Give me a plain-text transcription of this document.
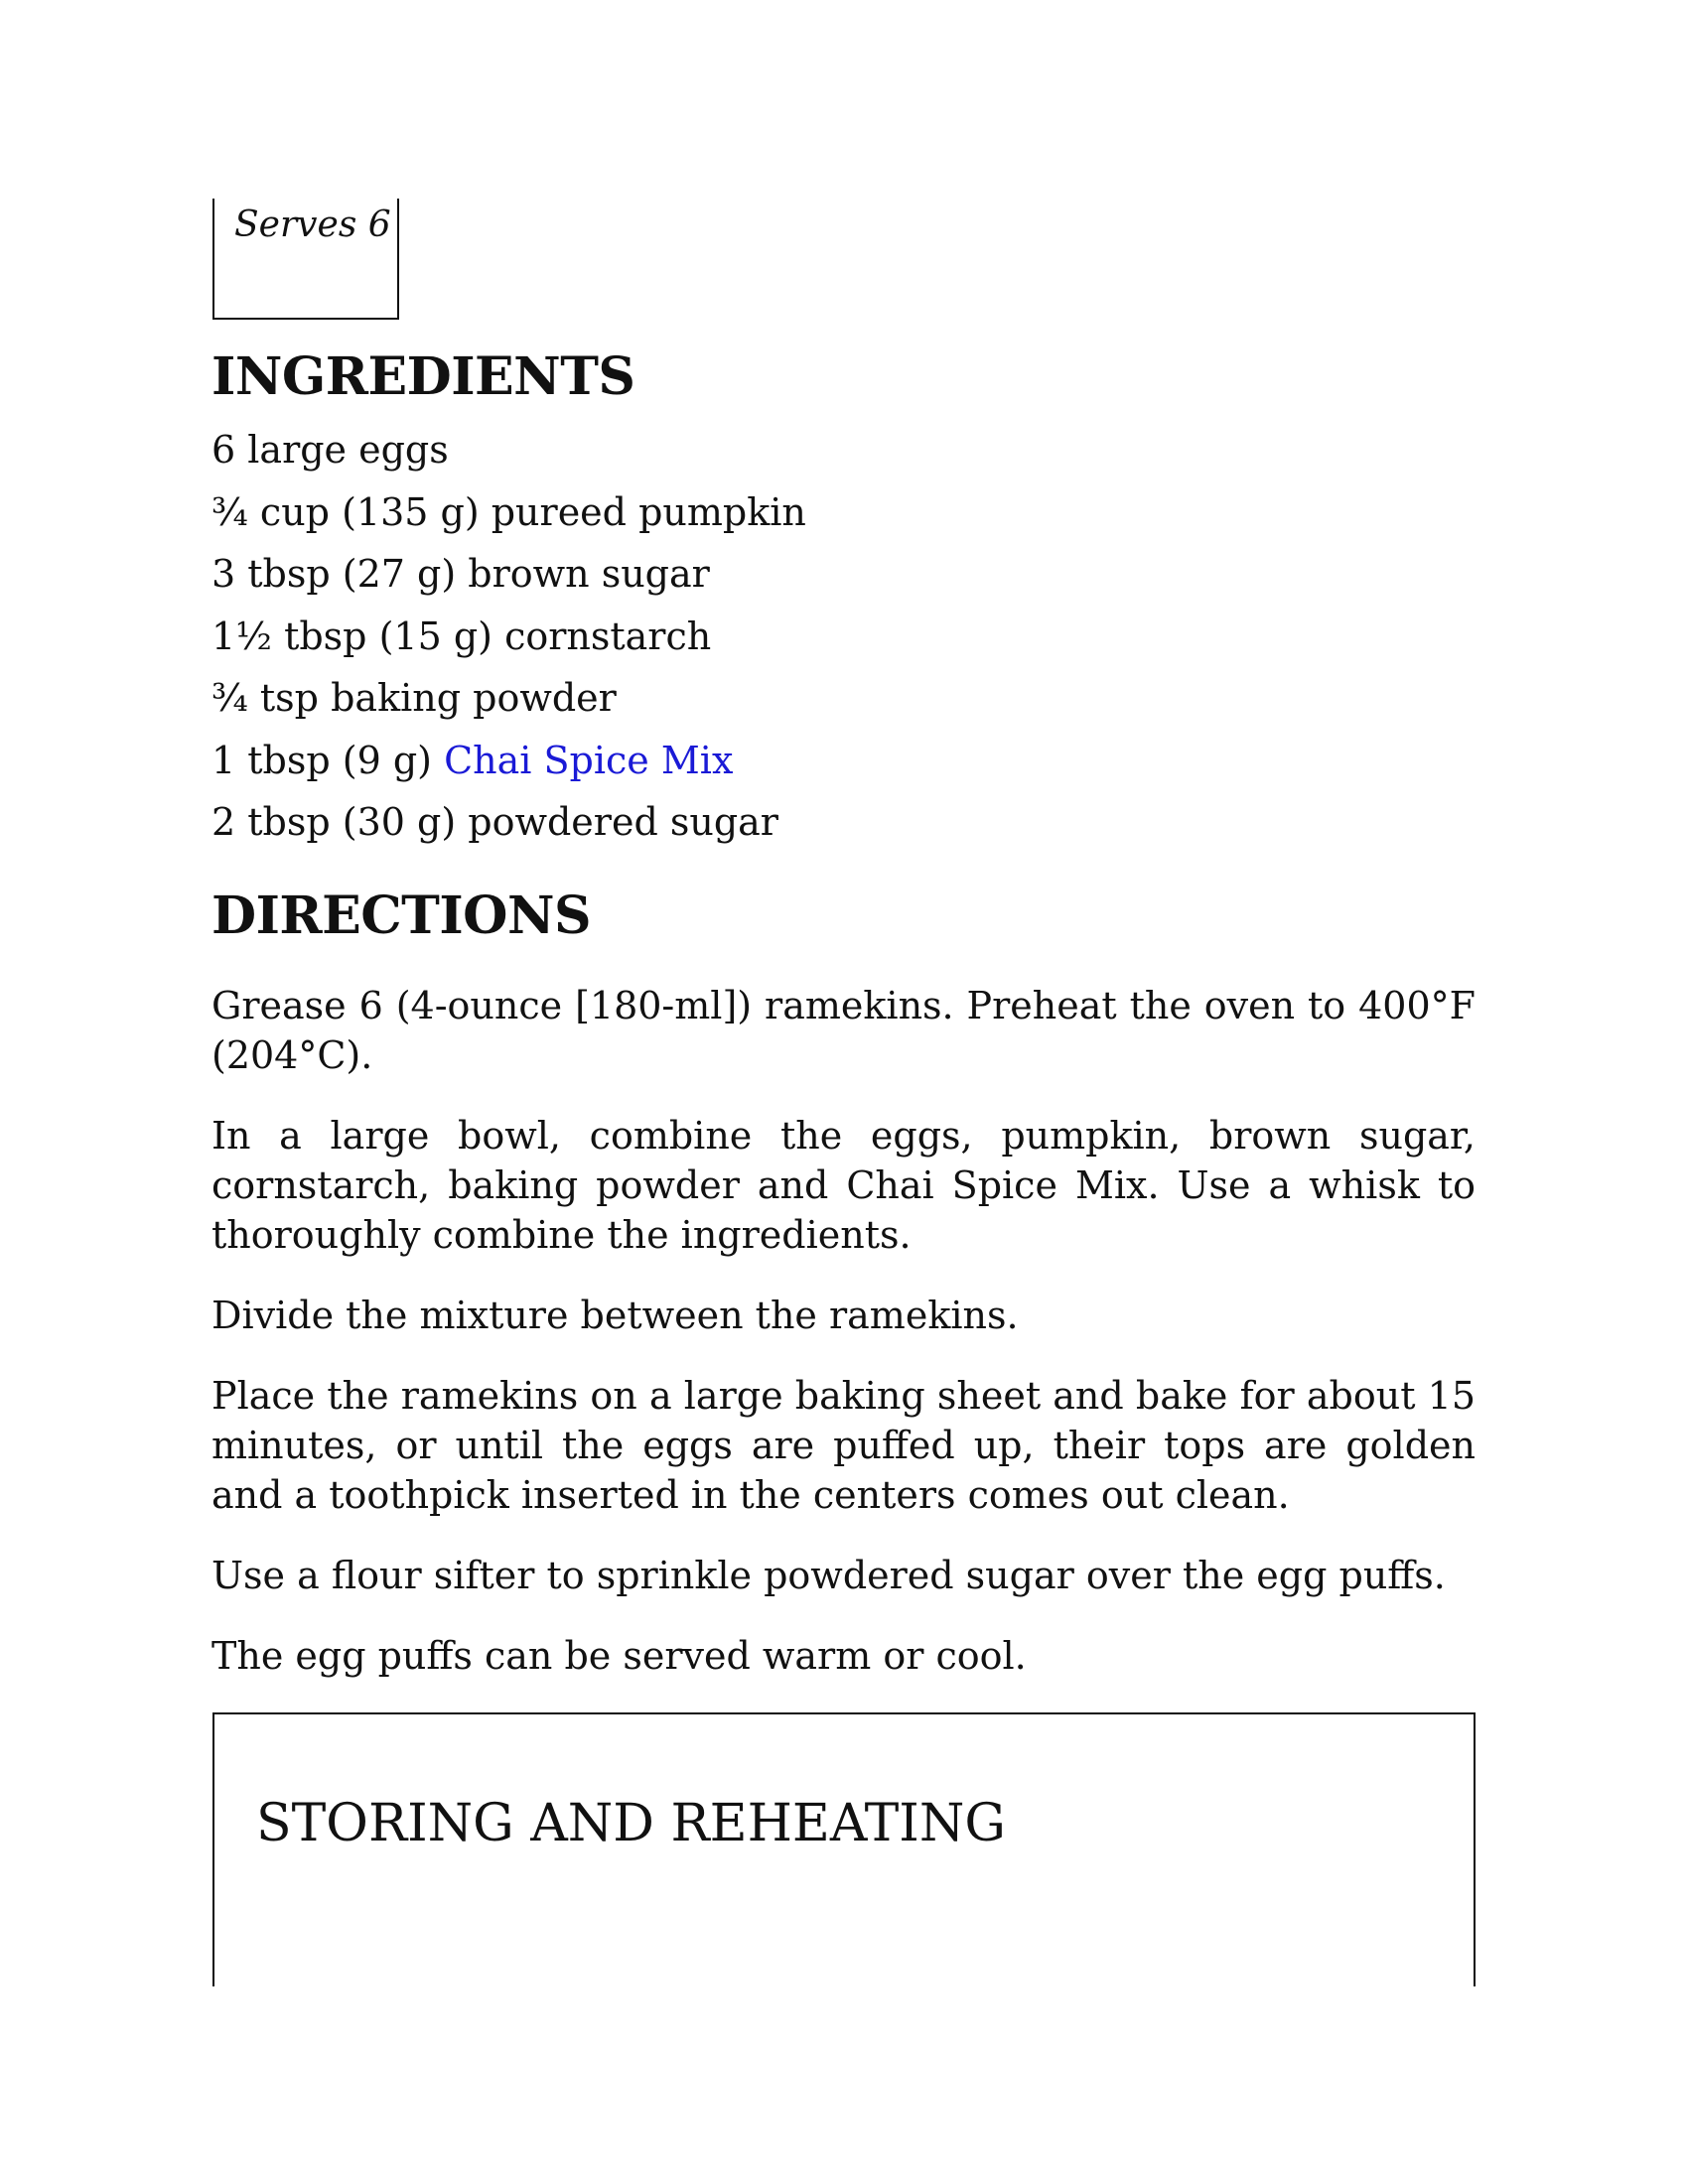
Serves 6
INGREDIENTS
6 large eggs
¾ cup (135 g) pureed pumpkin
3 tbsp (27 g) brown sugar
1½ tbsp (15 g) cornstarch
¾ tsp baking powder
1 tbsp (9 g) Chai Spice Mix
2 tbsp (30 g) powdered sugar
DIRECTIONS

Grease 6 (4-ounce [180-ml]) ramekins. Preheat the oven to 400°F (204°C).

In a large bowl, combine the eggs, pumpkin, brown sugar, cornstarch, baking powder and Chai Spice Mix. Use a whisk to thoroughly combine the ingredients.

Divide the mixture between the ramekins.

Place the ramekins on a large baking sheet and bake for about 15 minutes, or until the eggs are puffed up, their tops are golden and a toothpick inserted in the centers comes out clean.

Use a flour sifter to sprinkle powdered sugar over the egg puffs.

The egg puffs can be served warm or cool.

STORING AND REHEATING
